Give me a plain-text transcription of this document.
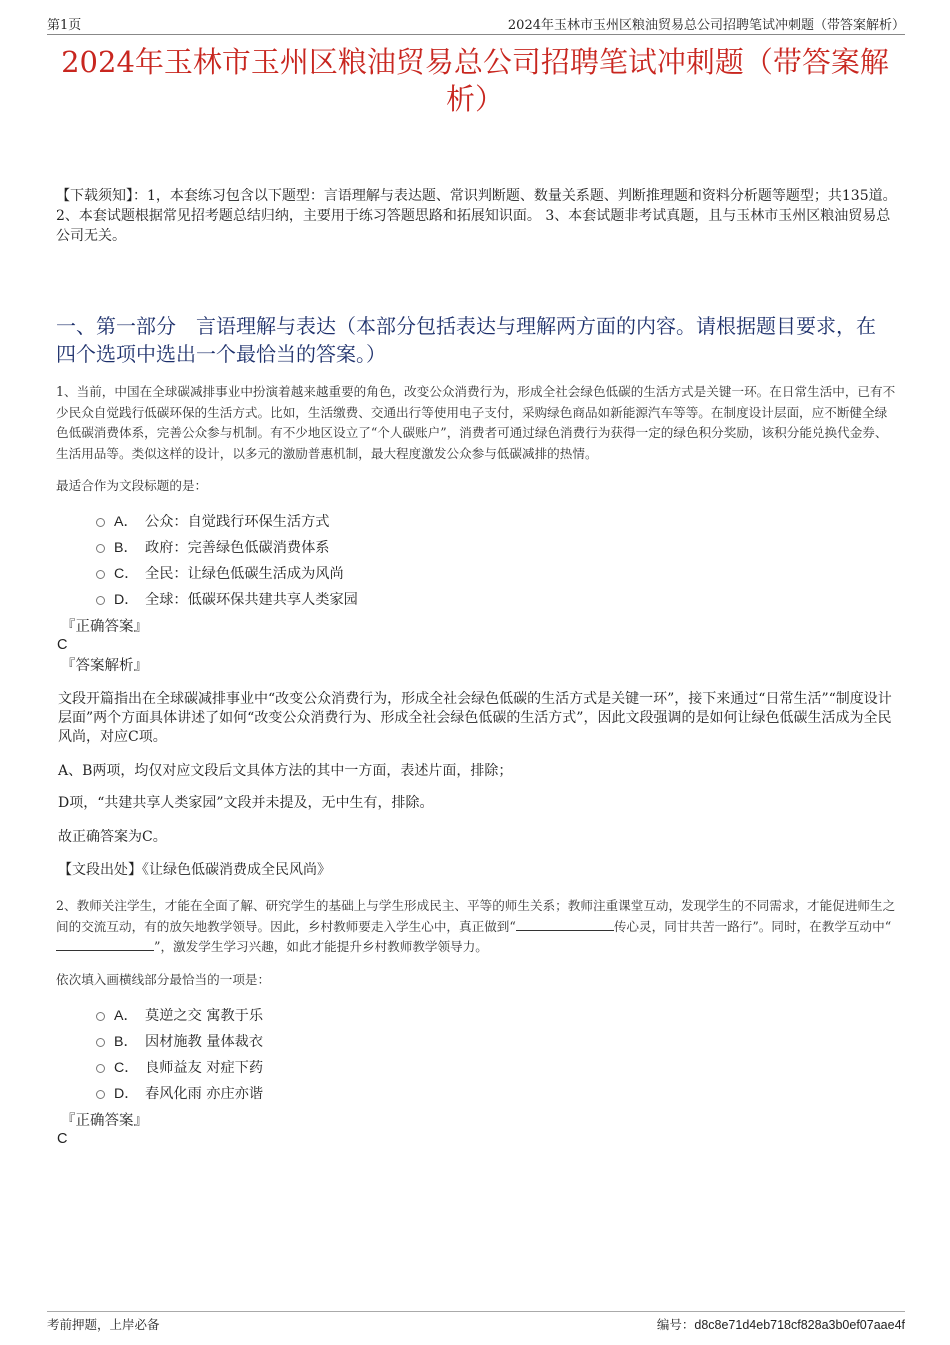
第1页	2024年玉林市玉州区粮油贸易总公司招聘笔试冲刺题（带答案解析）
2024年玉林市玉州区粮油贸易总公司招聘笔试冲刺题（带答案解析）
【下载须知】：1，本套练习包含以下题型：言语理解与表达题、常识判断题、数量关系题、判断推理题和资料分析题等题型；共135道。 2、本套试题根据常见招考题总结归纳，主要用于练习答题思路和拓展知识面。 3、本套试题非考试真题，且与玉林市玉州区粮油贸易总公司无关。
一、第一部分　言语理解与表达（本部分包括表达与理解两方面的内容。请根据题目要求，在四个选项中选出一个最恰当的答案。）
1、当前，中国在全球碳减排事业中扮演着越来越重要的角色，改变公众消费行为，形成全社会绿色低碳的生活方式是关键一环。在日常生活中，已有不少民众自觉践行低碳环保的生活方式。比如，生活缴费、交通出行等使用电子支付，采购绿色商品如新能源汽车等等。在制度设计层面，应不断健全绿色低碳消费体系，完善公众参与机制。有不少地区设立了“个人碳账户”，消费者可通过绿色消费行为获得一定的绿色积分奖励，该积分能兑换代金券、生活用品等。类似这样的设计，以多元的激励普惠机制，最大程度激发公众参与低碳减排的热情。
最适合作为文段标题的是：
A． 公众：自觉践行环保生活方式
B． 政府：完善绿色低碳消费体系
C． 全民：让绿色低碳生活成为风尚
D． 全球：低碳环保共建共享人类家园
『正确答案』
C
『答案解析』
文段开篇指出在全球碳减排事业中“改变公众消费行为，形成全社会绿色低碳的生活方式是关键一环”，接下来通过“日常生活”“制度设计层面”两个方面具体讲述了如何“改变公众消费行为、形成全社会绿色低碳的生活方式”，因此文段强调的是如何让绿色低碳生活成为全民风尚，对应C项。
A、B两项，均仅对应文段后文具体方法的其中一方面，表述片面，排除；
D项，“共建共享人类家园”文段并未提及，无中生有，排除。
故正确答案为C。
【文段出处】《让绿色低碳消费成全民风尚》
2、教师关注学生，才能在全面了解、研究学生的基础上与学生形成民主、平等的师生关系；教师注重课堂互动，发现学生的不同需求，才能促进师生之间的交流互动，有的放矢地教学领导。因此，乡村教师要走入学生心中，真正做到“	传心灵，同甘共苦一路行”。同时，在教学互动中“”，激发学生学习兴趣，如此才能提升乡村教师教学领导力。
依次填入画横线部分最恰当的一项是：
A． 莫逆之交 寓教于乐
B． 因材施教 量体裁衣
C． 良师益友 对症下药
D． 春风化雨 亦庄亦谐
『正确答案』
C
考前押题，上岸必备	编号：d8c8e71d4eb718cf828a3b0ef07aae4f
